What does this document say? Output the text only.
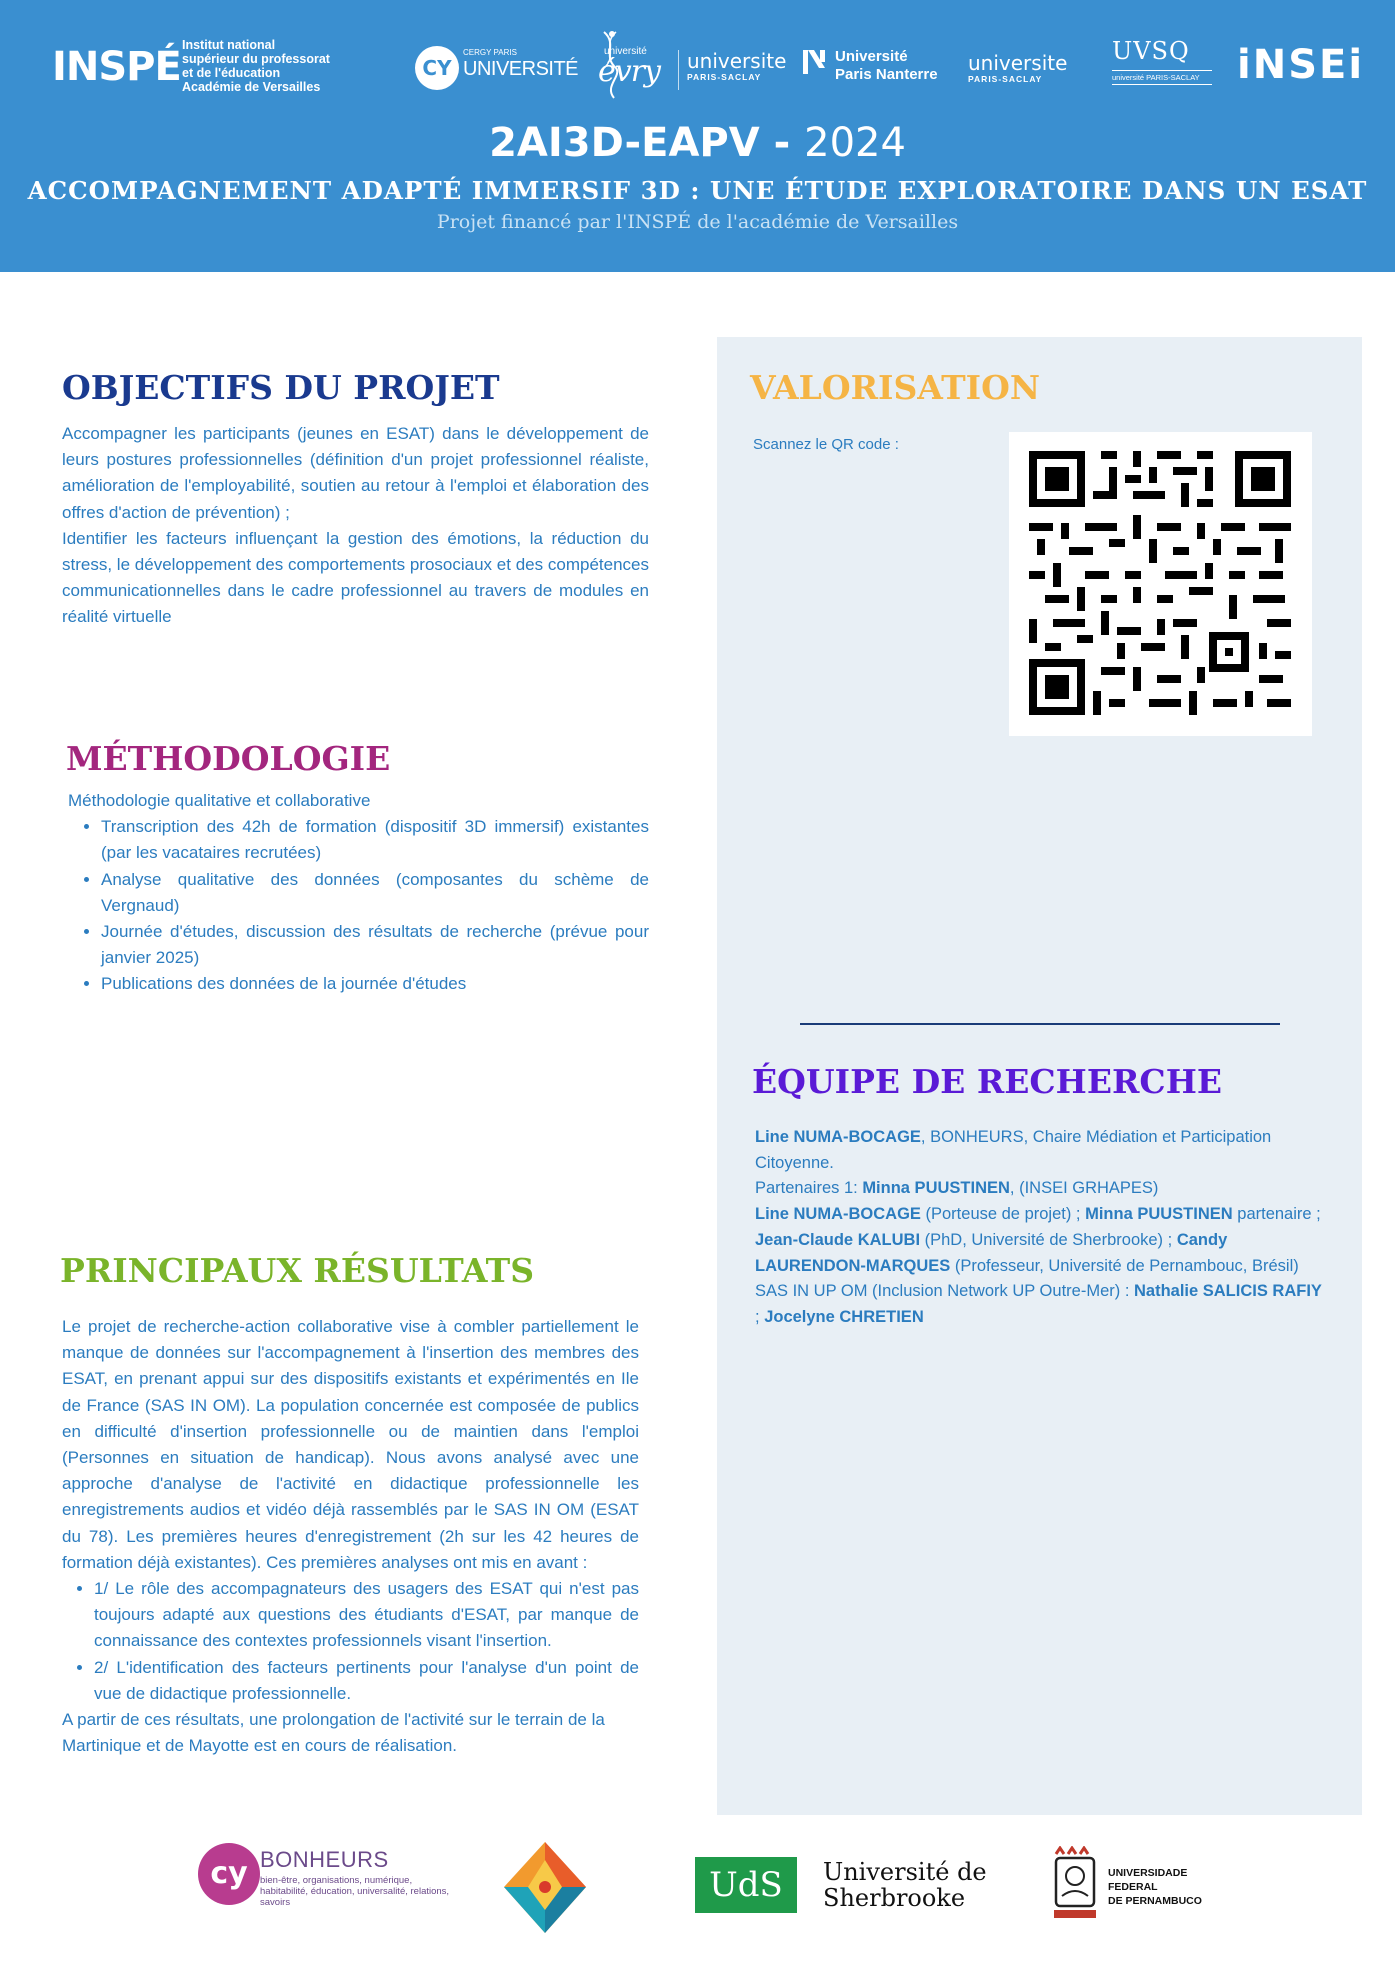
INSPÉ Institut national
supérieur du professorat
et de l'éducation
Académie de Versailles
CY
CERGY PARIS
UNIVERSITÉ
université
évry universite
PARIS-SACLAY
Université
Paris Nanterre universite
PARIS-SACLAY
UVSQ
université PARIS-SACLAY iNSEi
2AI3D-EAPV - 2024
ACCOMPAGNEMENT ADAPTÉ IMMERSIF 3D : UNE ÉTUDE EXPLORATOIRE DANS UN ESAT
Projet financé par l'INSPÉ de l'académie de Versailles
OBJECTIFS DU PROJET
Accompagner les participants (jeunes en ESAT) dans le développement de leurs postures professionnelles (définition d'un projet professionnel réaliste, amélioration de l'employabilité, soutien au retour à l'emploi et élaboration des offres d'action de prévention) ;
Identifier les facteurs influençant la gestion des émotions, la réduction du stress, le développement des comportements prosociaux et des compétences communicationnelles dans le cadre professionnel au travers de modules en réalité virtuelle
MÉTHODOLOGIE
Méthodologie qualitative et collaborative
• Transcription des 42h de formation (dispositif 3D immersif) existantes (par les vacataires recrutées)
• Analyse qualitative des données (composantes du schème de Vergnaud)
• Journée d'études, discussion des résultats de recherche (prévue pour janvier 2025)
• Publications des données de la journée d'études
PRINCIPAUX RÉSULTATS
Le projet de recherche-action collaborative vise à combler partiellement le manque de données sur l'accompagnement à l'insertion des membres des ESAT, en prenant appui sur des dispositifs existants et expérimentés en Ile de France (SAS IN OM). La population concernée est composée de publics en difficulté d'insertion professionnelle ou de maintien dans l'emploi (Personnes en situation de handicap). Nous avons analysé avec une approche d'analyse de l'activité en didactique professionnelle les enregistrements audios et vidéo déjà rassemblés par le SAS IN OM (ESAT du 78). Les premières heures d'enregistrement (2h sur les 42 heures de formation déjà existantes). Ces premières analyses ont mis en avant :
• 1/ Le rôle des accompagnateurs des usagers des ESAT qui n'est pas toujours adapté aux questions des étudiants d'ESAT, par manque de connaissance des contextes professionnels visant l'insertion.
• 2/ L'identification des facteurs pertinents pour l'analyse d'un point de vue de didactique professionnelle.
A partir de ces résultats, une prolongation de l'activité sur le terrain de la Martinique et de Mayotte est en cours de réalisation.
VALORISATION
Scannez le QR code :
ÉQUIPE DE RECHERCHE
Line NUMA-BOCAGE, BONHEURS, Chaire Médiation et Participation Citoyenne.
Partenaires 1: Minna PUUSTINEN, (INSEI GRHAPES)
Line NUMA-BOCAGE (Porteuse de projet) ; Minna PUUSTINEN partenaire ; Jean-Claude KALUBI (PhD, Université de Sherbrooke) ; Candy LAURENDON-MARQUES (Professeur, Université de Pernambouc, Brésil)
SAS IN UP OM (Inclusion Network UP Outre-Mer) : Nathalie SALICIS RAFIY ; Jocelyne CHRETIEN
cy BONHEURS
bien-être, organisations, numérique, habitabilité, éducation, universalité, relations, savoirs	UdS	Université de
Sherbrooke
UNIVERSIDADE
FEDERAL
DE PERNAMBUCO
